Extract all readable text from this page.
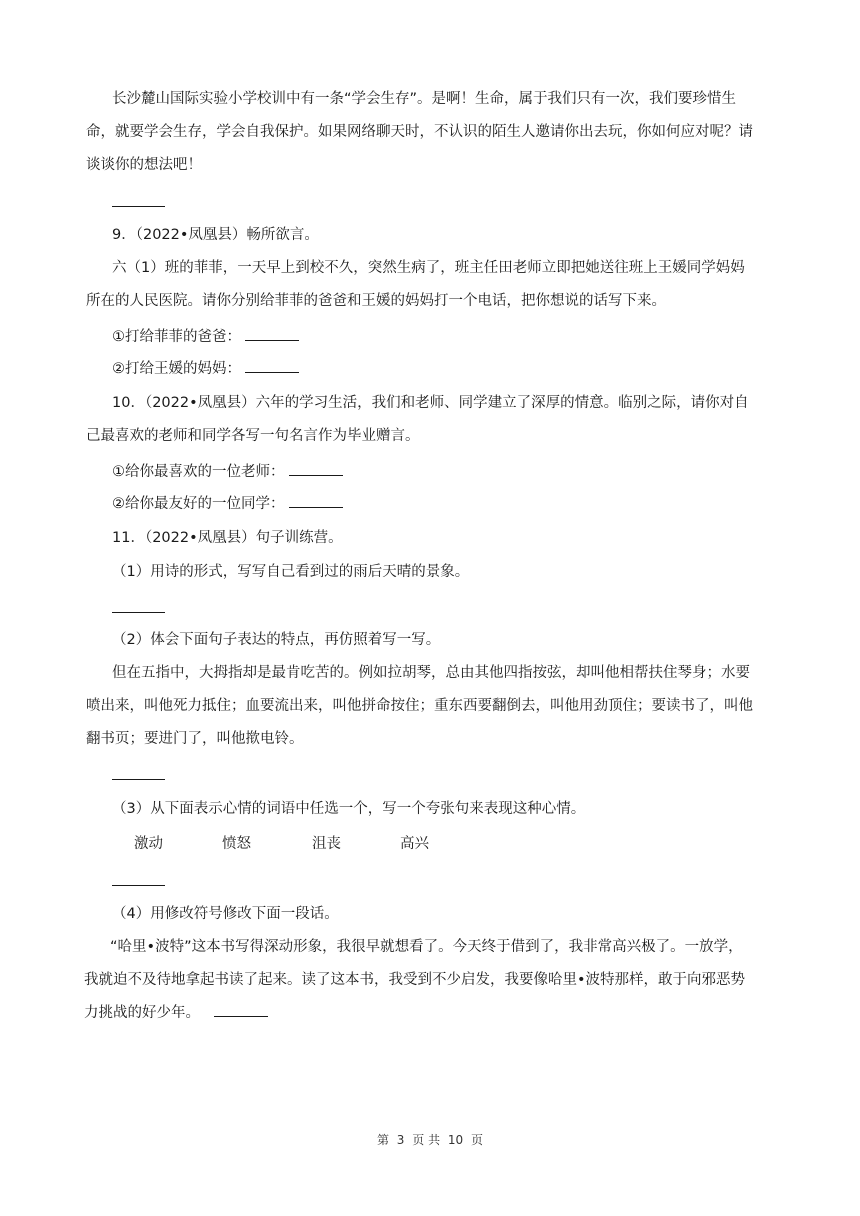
长沙麓山国际实验小学校训中有一条“学会生存”。是啊！生命，属于我们只有一次，我们要珍惜生
命，就要学会生存，学会自我保护。如果网络聊天时，不认识的陌生人邀请你出去玩，你如何应对呢？请
谈谈你的想法吧！
9．（2022•凤凰县）畅所欲言。
六（1）班的菲菲，一天早上到校不久，突然生病了，班主任田老师立即把她送往班上王媛同学妈妈
所在的人民医院。请你分别给菲菲的爸爸和王媛的妈妈打一个电话，把你想说的话写下来。
①打给菲菲的爸爸：
②打给王媛的妈妈：
10．（2022•凤凰县）六年的学习生活，我们和老师、同学建立了深厚的情意。临别之际，请你对自
己最喜欢的老师和同学各写一句名言作为毕业赠言。
①给你最喜欢的一位老师：
②给你最友好的一位同学：
11．（2022•凤凰县）句子训练营。
（1）用诗的形式，写写自己看到过的雨后天晴的景象。
（2）体会下面句子表达的特点，再仿照着写一写。
但在五指中，大拇指却是最肯吃苦的。例如拉胡琴，总由其他四指按弦，却叫他相帮扶住琴身；水要
喷出来，叫他死力抵住；血要流出来，叫他拼命按住；重东西要翻倒去，叫他用劲顶住；要读书了，叫他
翻书页；要进门了，叫他揿电铃。
（3）从下面表示心情的词语中任选一个，写一个夸张句来表现这种心情。
激动	愤怒	沮丧	高兴
（4）用修改符号修改下面一段话。
“哈里•波特”这本书写得深动形象，我很早就想看了。今天终于借到了，我非常高兴极了。一放学，
我就迫不及待地拿起书读了起来。读了这本书，我受到不少启发，我要像哈里•波特那样，敢于向邪恶势
力挑战的好少年。
第 3 页 共 10 页
